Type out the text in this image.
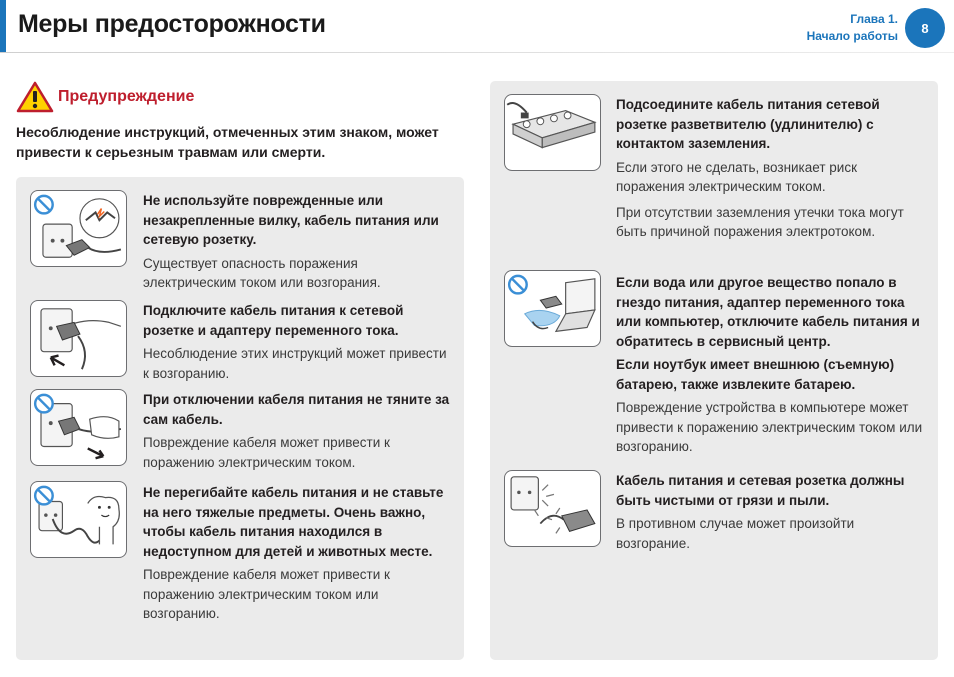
Меры предосторожности	Глава 1.
Начало работы
8
Предупреждение

Несоблюдение инструкций, отмеченных этим знаком, может привести к серьезным травмам или смерти.

Не используйте поврежденные или незакрепленные вилку, кабель питания или сетевую розетку.
Существует опасность поражения электрическим током или возгорания.
Подключите кабель питания к сетевой розетке и адаптеру переменного тока.
Несоблюдение этих инструкций может привести к возгоранию.
При отключении кабеля питания не тяните за сам кабель.
Повреждение кабеля может привести к поражению электрическим током.
Не перегибайте кабель питания и не ставьте на него тяжелые предметы. Очень важно, чтобы кабель питания находился в недоступном для детей и животных месте.
Повреждение кабеля может привести к поражению электрическим током или возгоранию.
Подсоедините кабель питания сетевой розетке разветвителю (удлинителю) с контактом заземления.
Если этого не сделать, возникает риск поражения электрическим током.
При отсутствии заземления утечки тока могут быть причиной поражения электротоком.
Если вода или другое вещество попало в гнездо питания, адаптер переменного тока или компьютер, отключите кабель питания и обратитесь в сервисный центр.
Если ноутбук имеет внешнюю (съемную) батарею, также извлеките батарею.
Повреждение устройства в компьютере может привести к поражению электрическим током или возгоранию.
Кабель питания и сетевая розетка должны быть чистыми от грязи и пыли.
В противном случае может произойти возгорание.
